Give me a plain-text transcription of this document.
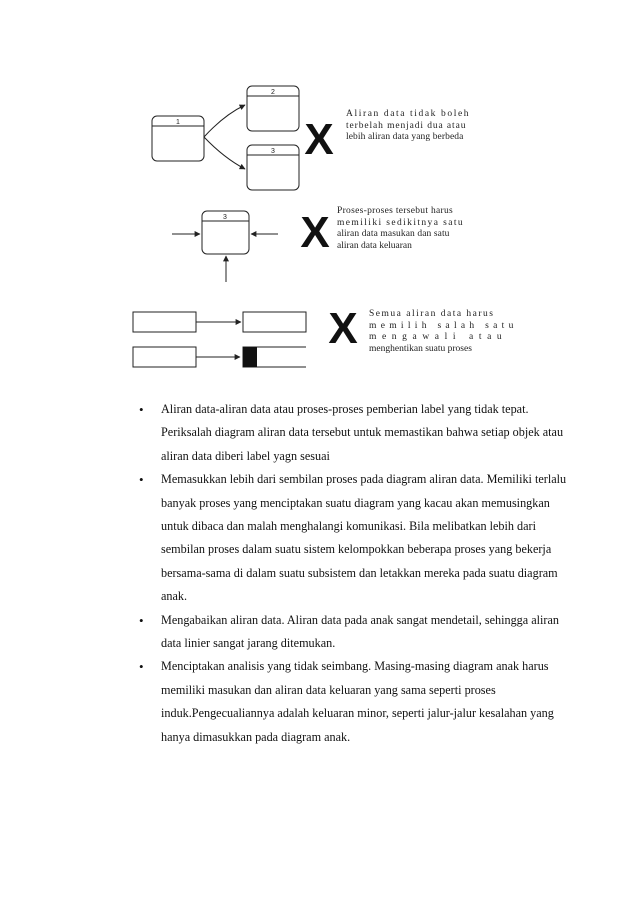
1
2
3 X
3 X
X
Aliran data tidak boleh
terbelah menjadi dua atau
lebih aliran data yang berbeda
Proses-proses tersebut harus
memiliki sedikitnya satu
aliran data masukan dan satu
aliran data keluaran
Semua aliran data harus
memilih salah satu
mengawali atau
menghentikan suatu proses
• Aliran data-aliran data atau proses-proses pemberian label yang tidak tepat. Periksalah diagram aliran data tersebut untuk memastikan bahwa setiap objek atau aliran data diberi label yagn sesuai
• Memasukkan lebih dari sembilan proses pada diagram aliran data. Memiliki terlalu banyak proses yang menciptakan suatu diagram yang kacau akan memusingkan untuk dibaca dan malah menghalangi komunikasi. Bila melibatkan lebih dari sembilan proses dalam suatu sistem kelompokkan beberapa proses yang bekerja bersama-sama di dalam suatu subsistem dan letakkan mereka pada suatu diagram anak.
• Mengabaikan aliran data. Aliran data pada anak sangat mendetail, sehingga aliran data linier sangat jarang ditemukan.
• Menciptakan analisis yang tidak seimbang. Masing-masing diagram anak harus memiliki masukan dan aliran data keluaran yang sama seperti proses induk.Pengecualiannya adalah keluaran minor, seperti jalur-jalur kesalahan yang hanya dimasukkan pada diagram anak.
